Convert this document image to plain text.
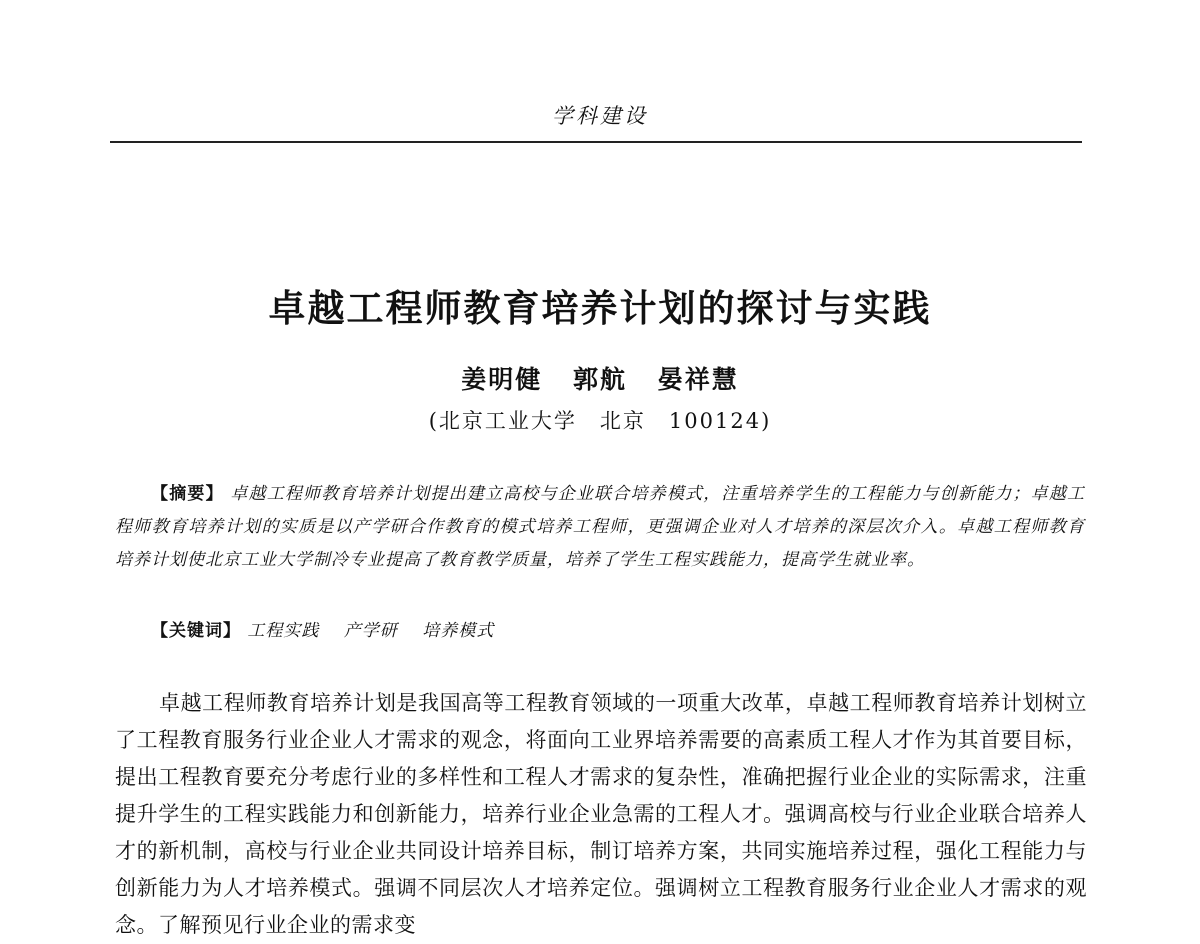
学科建设
卓越工程师教育培养计划的探讨与实践
姜明健 郭航 晏祥慧
(北京工业大学　北京　100124)
【摘要】 卓越工程师教育培养计划提出建立高校与企业联合培养模式，注重培养学生的工程能力与创新能力；卓越工程师教育培养计划的实质是以产学研合作教育的模式培养工程师，更强调企业对人才培养的深层次介入。卓越工程师教育培养计划使北京工业大学制冷专业提高了教育教学质量，培养了学生工程实践能力，提高学生就业率。
【关键词】 工程实践 产学研 培养模式
卓越工程师教育培养计划是我国高等工程教育领域的一项重大改革，卓越工程师教育培养计划树立了工程教育服务行业企业人才需求的观念，将面向工业界培养需要的高素质工程人才作为其首要目标，提出工程教育要充分考虑行业的多样性和工程人才需求的复杂性，准确把握行业企业的实际需求，注重提升学生的工程实践能力和创新能力，培养行业企业急需的工程人才。强调高校与行业企业联合培养人才的新机制，高校与行业企业共同设计培养目标，制订培养方案，共同实施培养过程，强化工程能力与创新能力为人才培养模式。强调不同层次人才培养定位。强调树立工程教育服务行业企业人才需求的观念。了解预见行业企业的需求变
